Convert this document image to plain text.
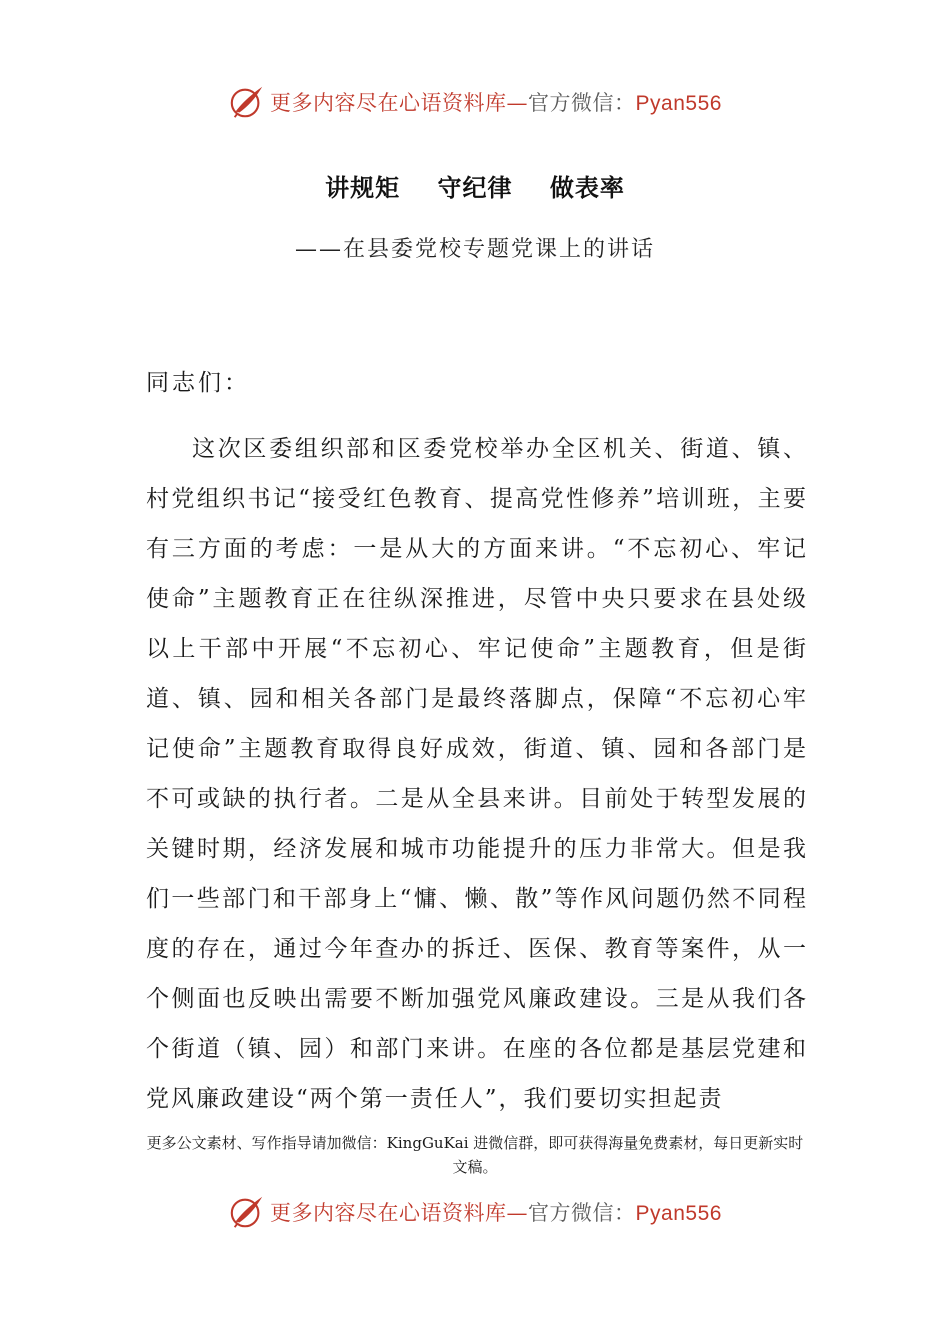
更多内容尽在心语资料库—官方微信：Pyan556
讲规矩    守纪律    做表率
——在县委党校专题党课上的讲话
同志们：

这次区委组织部和区委党校举办全区机关、街道、镇、村党组织书记“接受红色教育、提高党性修养”培训班，主要有三方面的考虑：一是从大的方面来讲。“不忘初心、牢记使命”主题教育正在往纵深推进，尽管中央只要求在县处级以上干部中开展“不忘初心、牢记使命”主题教育，但是街道、镇、园和相关各部门是最终落脚点，保障“不忘初心牢记使命”主题教育取得良好成效，街道、镇、园和各部门是不可或缺的执行者。二是从全县来讲。目前处于转型发展的关键时期，经济发展和城市功能提升的压力非常大。但是我们一些部门和干部身上“慵、懒、散”等作风问题仍然不同程度的存在，通过今年查办的拆迁、医保、教育等案件，从一个侧面也反映出需要不断加强党风廉政建设。三是从我们各个街道（镇、园）和部门来讲。在座的各位都是基层党建和党风廉政建设“两个第一责任人”，我们要切实担起责

更多公文素材、写作指导请加微信：KingGuKai 进微信群，即可获得海量免费素材，每日更新实时文稿。

更多内容尽在心语资料库—官方微信：Pyan556
